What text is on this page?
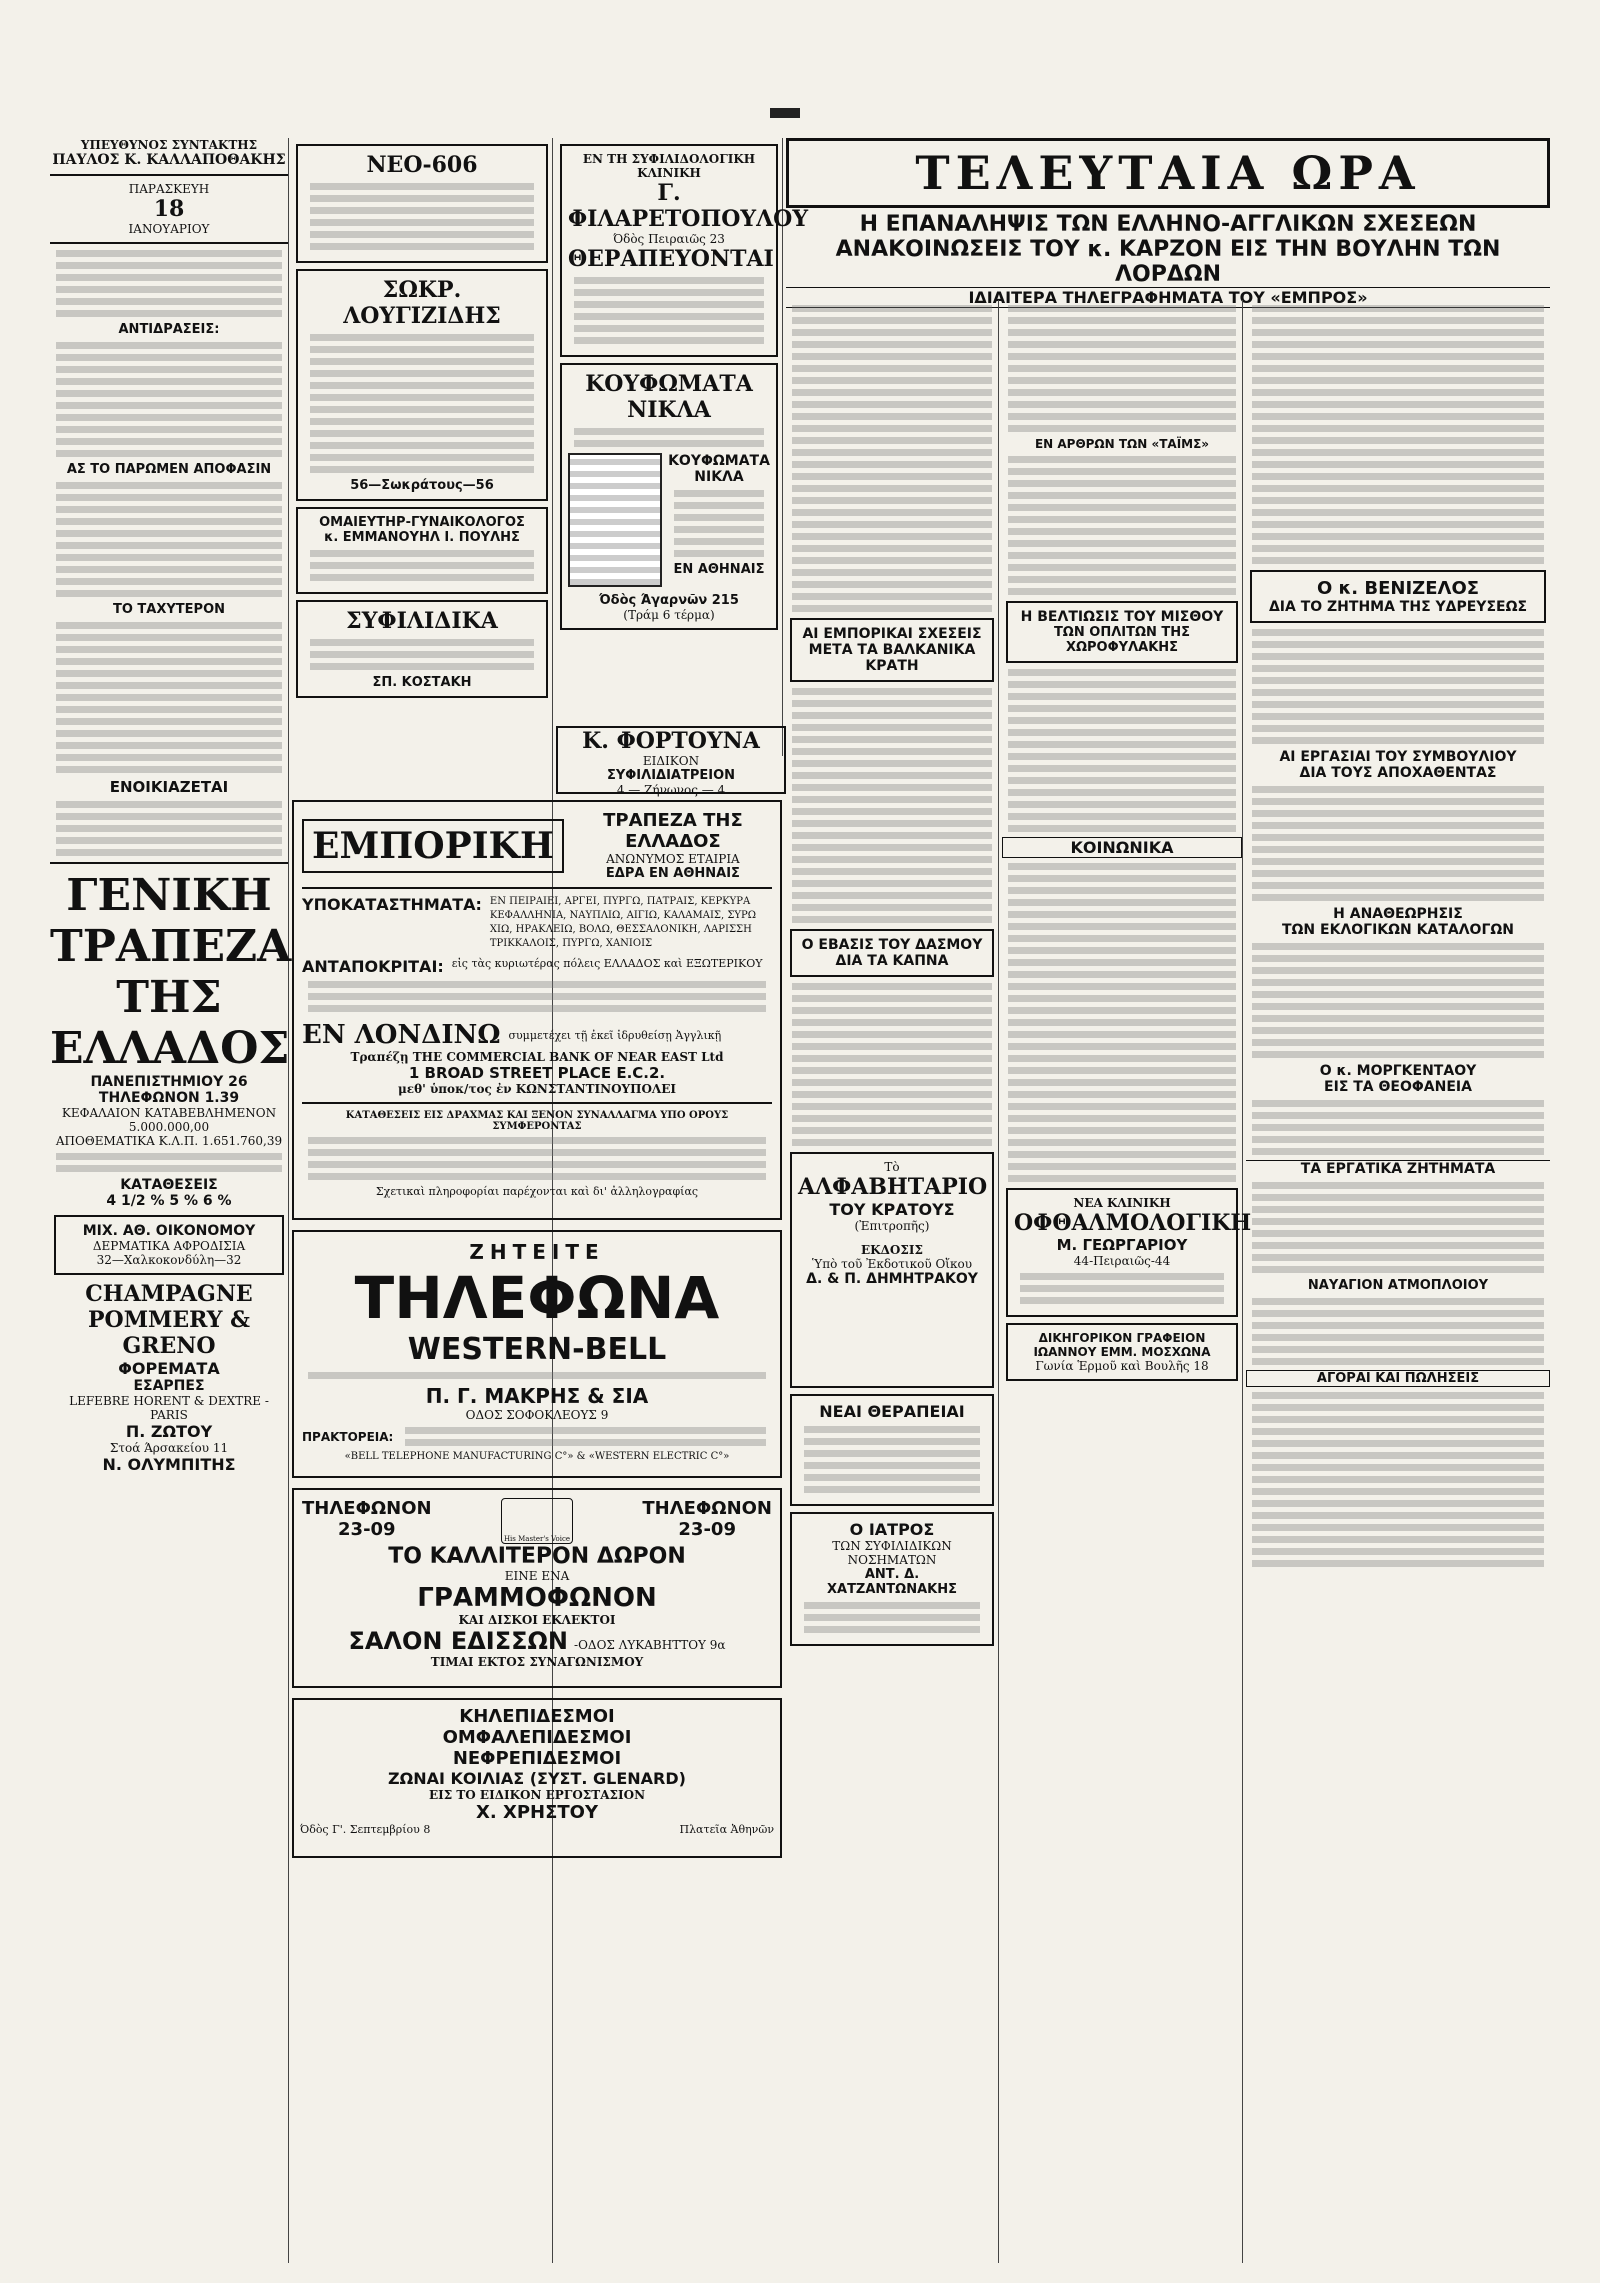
ΥΠΕΥΘΥΝΟΣ ΣΥΝΤΑΚΤΗΣ
ΠΑΥΛΟΣ Κ. ΚΑΛΛΑΠΟΘΑΚΗΣ
ΠΑΡΑΣΚΕΥΗ
18
ΙΑΝΟΥΑΡΙΟΥ
ΑΝΤΙΔΡΑΣΕΙΣ:
ΑΣ ΤΟ ΠΑΡΩΜΕΝ ΑΠΟΦΑΣΙΝ
ΤΟ ΤΑΧΥΤΕΡΟΝ
ΕΝΟΙΚΙΑΖΕΤΑΙ
ΓΕΝΙΚΗ ΤΡΑΠΕΖΑ
ΤΗΣ ΕΛΛΑΔΟΣ
ΠΑΝΕΠΙΣΤΗΜΙΟΥ 26
ΤΗΛΕΦΩΝΟΝ 1.39
ΚΕΦΑΛΑΙΟΝ ΚΑΤΑΒΕΒΛΗΜΕΝΟΝ 5.000.000,00
ΑΠΟΘΕΜΑΤΙΚΑ Κ.Λ.Π. 1.651.760,39
ΚΑΤΑΘΕΣΕΙΣ
4 1/2 % 5 % 6 %
ΜΙΧ. ΑΘ. ΟΙΚΟΝΟΜΟΥ
ΔΕΡΜΑΤΙΚΑ ΑΦΡΟΔΙΣΙΑ
32—Χαλκοκονδύλη—32
CHAMPAGNE
POMMERY & GRENO
ΦΟΡΕΜΑΤΑ
ΕΣΑΡΠΕΣ
LEFEBRE HORENT & DEXTRE - PARIS
Π. ΖΩΤΟΥ
Στοά Άρσακείου 11
Ν. ΟΛΥΜΠΙΤΗΣ
ΝΕΟ-606
ΣΩΚΡ. ΛΟΥΓΙΖΙΔΗΣ
56—Σωκράτους—56
ΟΜΑΙΕΥΤΗΡ-ΓΥΝΑΙΚΟΛΟΓΟΣ
κ. ΕΜΜΑΝΟΥΗΛ Ι. ΠΟΥΛΗΣ
ΣΥΦΙΛΙΔΙΚΑ
ΣΠ. ΚΟΣΤΑΚΗ
ΕΝ ΤΗ ΣΥΦΙΛΙΔΟΛΟΓΙΚΗ ΚΛΙΝΙΚΗ
Γ. ΦΙΛΑΡΕΤΟΠΟΥΛΟΥ
Όδὸς Πειραιῶς 23
ΘΕΡΑΠΕΥΟΝΤΑΙ
ΚΟΥΦΩΜΑΤΑ ΝΙΚΛΑ
ΚΟΥΦΩΜΑΤΑ
ΝΙΚΛΑ
ΕΝ ΑΘΗΝΑΙΣ
Όδὸς Άγαρνῶν 215
(Τράμ 6 τέρμα)
Κ. ΦΟΡΤΟΥΝΑ
ΕΙΔΙΚΟΝ
ΣΥΦΙΛΙΔΙΑΤΡΕΙΟΝ
4 — Ζήνωνος — 4
ΕΜΠΟΡΙΚΗ
ΤΡΑΠΕΖΑ ΤΗΣ ΕΛΛΑΔΟΣ
ΑΝΩΝΥΜΟΣ ΕΤΑΙΡΙΑ
ΕΔΡΑ ΕΝ ΑΘΗΝΑΙΣ
ΥΠΟΚΑΤΑΣΤΗΜΑΤΑ: ΕΝ ΠΕΙΡΑΙΕΙ, ΑΡΓΕΙ, ΠΥΡΓΩ, ΠΑΤΡΑΙΣ, ΚΕΡΚΥΡΑ
ΚΕΦΑΛΛΗΝΙΑ, ΝΑΥΠΛΙΩ, ΑΙΓΙΩ, ΚΑΛΑΜΑΙΣ, ΣΥΡΩ
ΧΙΩ, ΗΡΑΚΛΕΙΩ, ΒΟΛΩ, ΘΕΣΣΑΛΟΝΙΚΗ, ΛΑΡΙΣΣΗ
ΤΡΙΚΚΑΛΟΙΣ, ΠΥΡΓΩ, ΧΑΝΙΟΙΣ
ΑΝΤΑΠΟΚΡΙΤΑΙ: εἰς τὰς κυριωτέρας πόλεις ΕΛΛΑΔΟΣ καὶ ΕΞΩΤΕΡΙΚΟΥ
ΕΝ ΛΟΝΔΙΝΩ συμμετέχει τῇ ἐκεῖ ἱδρυθείσῃ Ἀγγλικῇ
Τραπέζῃ THE COMMERCIAL BANK OF NEAR EAST Ltd
1 BROAD STREET PLACE E.C.2.
μεθ' ὑποκ/τος ἐν ΚΩΝΣΤΑΝΤΙΝΟΥΠΟΛΕΙ
ΚΑΤΑΘΕΣΕΙΣ ΕΙΣ ΔΡΑΧΜΑΣ ΚΑΙ ΞΕΝΟΝ ΣΥΝΑΛΛΑΓΜΑ ΥΠΟ ΟΡΟΥΣ ΣΥΜΦΕΡΟΝΤΑΣ
Σχετικαὶ πληροφορίαι παρέχονται καὶ δι' ἀλληλογραφίας
ΖΗΤΕΙΤΕ
ΤΗΛΕΦΩΝΑ
WESTERN-BELL
Π. Γ. ΜΑΚΡΗΣ & ΣΙΑ
ΟΔΟΣ ΣΟΦΟΚΛΕΟΥΣ 9
ΠΡΑΚΤΟΡΕΙΑ:
«BELL TELEPHONE MANUFACTURING C°» & «WESTERN ELECTRIC C°»
ΤΗΛΕΦΩΝΟΝ
23-09	His Master's Voice
ΤΗΛΕΦΩΝΟΝ
23-09
ΤΟ ΚΑΛΛΙΤΕΡΟΝ ΔΩΡΟΝ
ΕΙΝΕ ΕΝΑ
ΓΡΑΜΜΟΦΩΝΟΝ
ΚΑΙ ΔΙΣΚΟΙ ΕΚΛΕΚΤΟΙ
ΣΑΛΟΝ ΕΔΙΣΣΩΝ -ΟΔΟΣ ΛΥΚΑΒΗΤΤΟΥ 9α
ΤΙΜΑΙ ΕΚΤΟΣ ΣΥΝΑΓΩΝΙΣΜΟΥ
ΚΗΛΕΠΙΔΕΣΜΟΙ
ΟΜΦΑΛΕΠΙΔΕΣΜΟΙ
ΝΕΦΡΕΠΙΔΕΣΜΟΙ
ΖΩΝΑΙ ΚΟΙΛΙΑΣ (ΣΥΣΤ. GLENARD)
ΕΙΣ ΤΟ ΕΙΔΙΚΟΝ ΕΡΓΟΣΤΑΣΙΟΝ
Χ. ΧΡΗΣΤΟΥ
Όδὸς Γ'. Σεπτεμβρίου 8	Πλατεῖα Ἀθηνῶν
ΤΕΛΕΥΤΑΙΑ ΩΡΑ
Η ΕΠΑΝΑΛΗΨΙΣ ΤΩΝ ΕΛΛΗΝΟ-ΑΓΓΛΙΚΩΝ ΣΧΕΣΕΩΝ
ΑΝΑΚΟΙΝΩΣΕΙΣ ΤΟΥ κ. ΚΑΡΖΟΝ ΕΙΣ ΤΗΝ ΒΟΥΛΗΝ ΤΩΝ ΛΟΡΔΩΝ
ΙΔΙΑΙΤΕΡΑ ΤΗΛΕΓΡΑΦΗΜΑΤΑ ΤΟΥ «ΕΜΠΡΟΣ»
ΑΙ ΕΜΠΟΡΙΚΑΙ ΣΧΕΣΕΙΣ
ΜΕΤΑ ΤΑ ΒΑΛΚΑΝΙΚΑ ΚΡΑΤΗ
Ο ΕΒΑΣΙΣ ΤΟΥ ΔΑΣΜΟΥ
ΔΙΑ ΤΑ ΚΑΠΝΑ
Τὸ
ΑΛΦΑΒΗΤΑΡΙΟ
ΤΟΥ ΚΡΑΤΟΥΣ
(Ἐπιτροπῆς)
ΕΚΔΟΣΙΣ
Ὑπὸ τοῦ Ἐκδοτικοῦ Οἴκου
Δ. & Π. ΔΗΜΗΤΡΑΚΟΥ
ΝΕΑΙ ΘΕΡΑΠΕΙΑΙ
Ο ΙΑΤΡΟΣ
ΤΩΝ ΣΥΦΙΛΙΔΙΚΩΝ ΝΟΣΗΜΑΤΩΝ
ΑΝΤ. Δ. ΧΑΤΖΑΝΤΩΝΑΚΗΣ
ΕΝ ΑΡΘΡΩΝ ΤΩΝ «ΤΑΪΜΣ»
Η ΒΕΛΤΙΩΣΙΣ ΤΟΥ ΜΙΣΘΟΥ
ΤΩΝ ΟΠΛΙΤΩΝ ΤΗΣ ΧΩΡΟΦΥΛΑΚΗΣ
ΚΟΙΝΩΝΙΚΑ
ΝΕΑ ΚΛΙΝΙΚΗ
ΟΦΘΑΛΜΟΛΟΓΙΚΗ
Μ. ΓΕΩΡΓΑΡΙΟΥ
44-Πειραιῶς-44
ΔΙΚΗΓΟΡΙΚΟΝ ΓΡΑΦΕΙΟΝ
ΙΩΑΝΝΟΥ ΕΜΜ. ΜΟΣΧΩΝΑ
Γωνία Ἑρμοῦ καὶ Βουλῆς 18
Ο κ. ΒΕΝΙΖΕΛΟΣ
ΔΙΑ ΤΟ ΖΗΤΗΜΑ ΤΗΣ ΥΔΡΕΥΣΕΩΣ
ΑΙ ΕΡΓΑΣΙΑΙ ΤΟΥ ΣΥΜΒΟΥΛΙΟΥ
ΔΙΑ ΤΟΥΣ ΑΠΟΧΑΘΕΝΤΑΣ
Η ΑΝΑΘΕΩΡΗΣΙΣ
ΤΩΝ ΕΚΛΟΓΙΚΩΝ ΚΑΤΑΛΟΓΩΝ
Ο κ. ΜΟΡΓΚΕΝΤΑΟΥ
ΕΙΣ ΤΑ ΘΕΟΦΑΝΕΙΑ
ΤΑ ΕΡΓΑΤΙΚΑ ΖΗΤΗΜΑΤΑ
ΝΑΥΑΓΙΟΝ ΑΤΜΟΠΛΟΙΟΥ
ΑΓΟΡΑΙ ΚΑΙ ΠΩΛΗΣΕΙΣ
